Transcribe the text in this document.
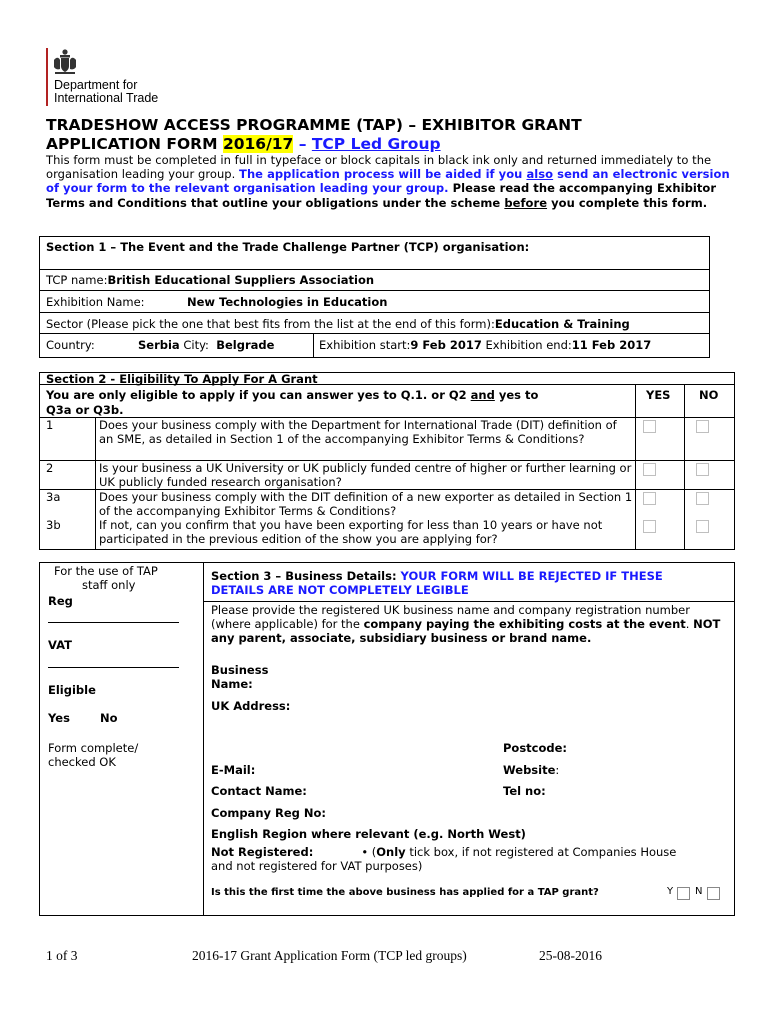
Department for
International Trade
TRADESHOW ACCESS PROGRAMME (TAP) – EXHIBITOR GRANT
APPLICATION FORM 2016/17 – TCP Led Group
This form must be completed in full in typeface or block capitals in black ink only and returned immediately to the organisation leading your group. The application process will be aided if you also send an electronic version of your form to the relevant organisation leading your group. Please read the accompanying Exhibitor Terms and Conditions that outline your obligations under the scheme before you complete this form.
Section 1 – The Event and the Trade Challenge Partner (TCP) organisation:
TCP name:British Educational Suppliers Association
Exhibition Name:	New Technologies in Education
Sector (Please pick the one that best fits from the list at the end of this form):Education & Training
Country:	Serbia City: Belgrade	Exhibition start:9 Feb 2017 Exhibition end:11 Feb 2017
Section 2 - Eligibility To Apply For A Grant
You are only eligible to apply if you can answer yes to Q.1. or Q2 and yes to
Q3a or Q3b.
YES NO
1	Does your business comply with the Department for International Trade (DIT) definition of an SME, as detailed in Section 1 of the accompanying Exhibitor Terms & Conditions?
2	Is your business a UK University or UK publicly funded centre of higher or further learning or UK publicly funded research organisation?
3a	Does your business comply with the DIT definition of a new exporter as detailed in Section 1 of the accompanying Exhibitor Terms & Conditions?
3b	If not, can you confirm that you have been exporting for less than 10 years or have not participated in the previous edition of the show you are applying for?
For the use of TAP
staff only
Reg
VAT
Eligible
Yes	No
Form complete/
checked OK
Section 3 – Business Details: YOUR FORM WILL BE REJECTED IF THESE
DETAILS ARE NOT COMPLETELY LEGIBLE
Please provide the registered UK business name and company registration number (where applicable) for the company paying the exhibiting costs at the event. NOT any parent, associate, subsidiary business or brand name.
Business
Name:
UK Address:
Postcode:
E-Mail:	Website:
Contact Name:	Tel no:
Company Reg No:
English Region where relevant (e.g. North West)
Not Registered:	• (Only tick box, if not registered at Companies House
and not registered for VAT purposes)
Is this the first time the above business has applied for a TAP grant?	Y N
1 of 3	2016-17 Grant Application Form (TCP led groups)	25-08-2016
